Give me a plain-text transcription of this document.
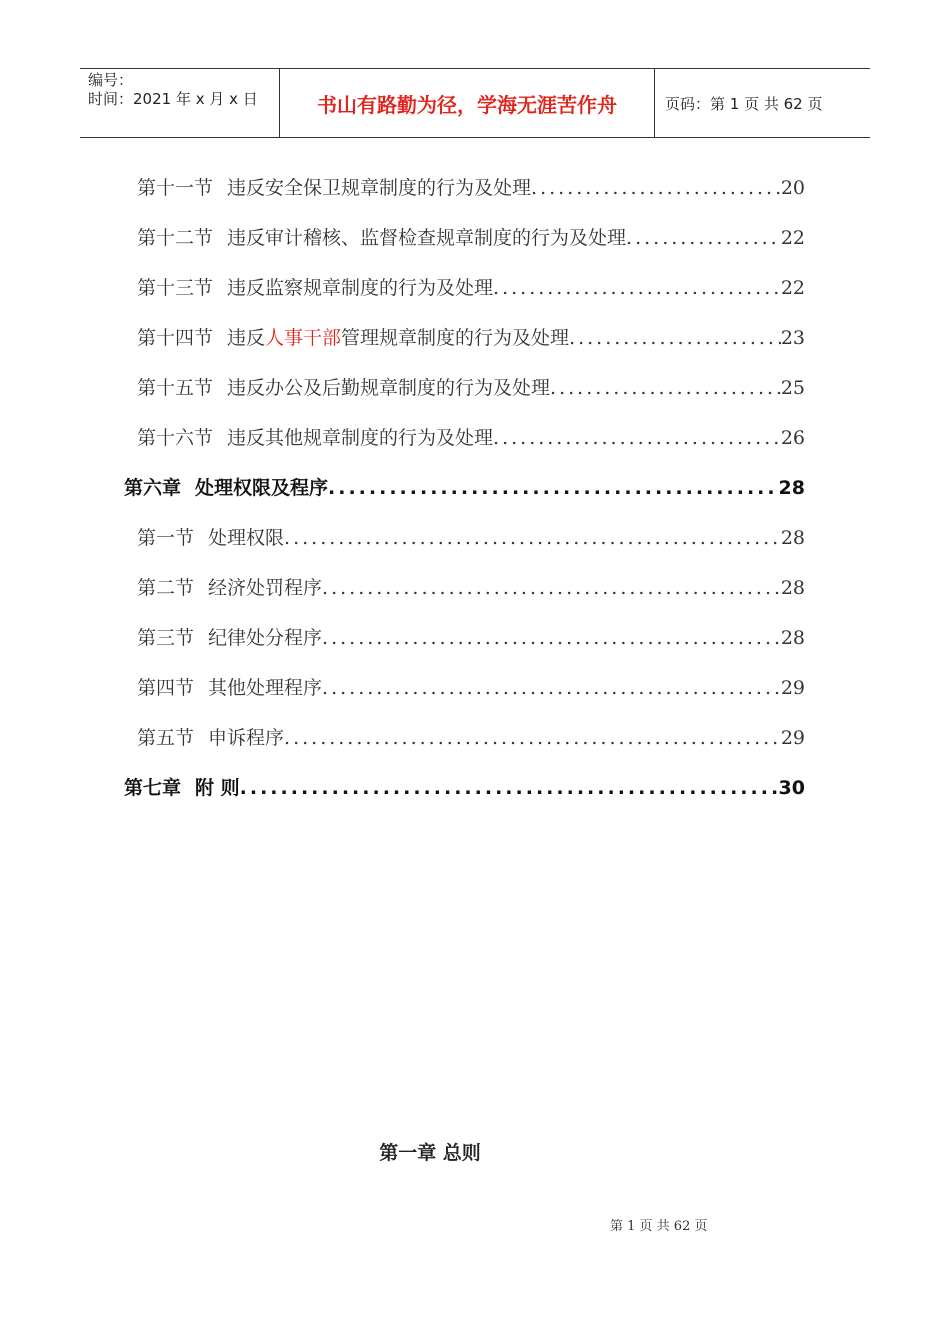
编号：
时间：2021 年 x 月 x 日	书山有路勤为径，学海无涯苦作舟	页码：第 1 页 共 62 页
第十一节 违反安全保卫规章制度的行为及处理 .....	20
第十二节 违反审计稽核、监督检查规章制度的行为及处理 .....	22
第十三节 违反监察规章制度的行为及处理 .....	22
第十四节 违反人事干部管理规章制度的行为及处理 .....	23
第十五节 违反办公及后勤规章制度的行为及处理 .....	25
第十六节 违反其他规章制度的行为及处理 .....	26
第六章 处理权限及程序 .....	28
第一节 处理权限 .....	28
第二节 经济处罚程序 .....	28
第三节 纪律处分程序 .....	28
第四节 其他处理程序 .....	29
第五节 申诉程序 .....	29
第七章 附 则 .....	30
第一章 总则
第 1 页 共 62 页
